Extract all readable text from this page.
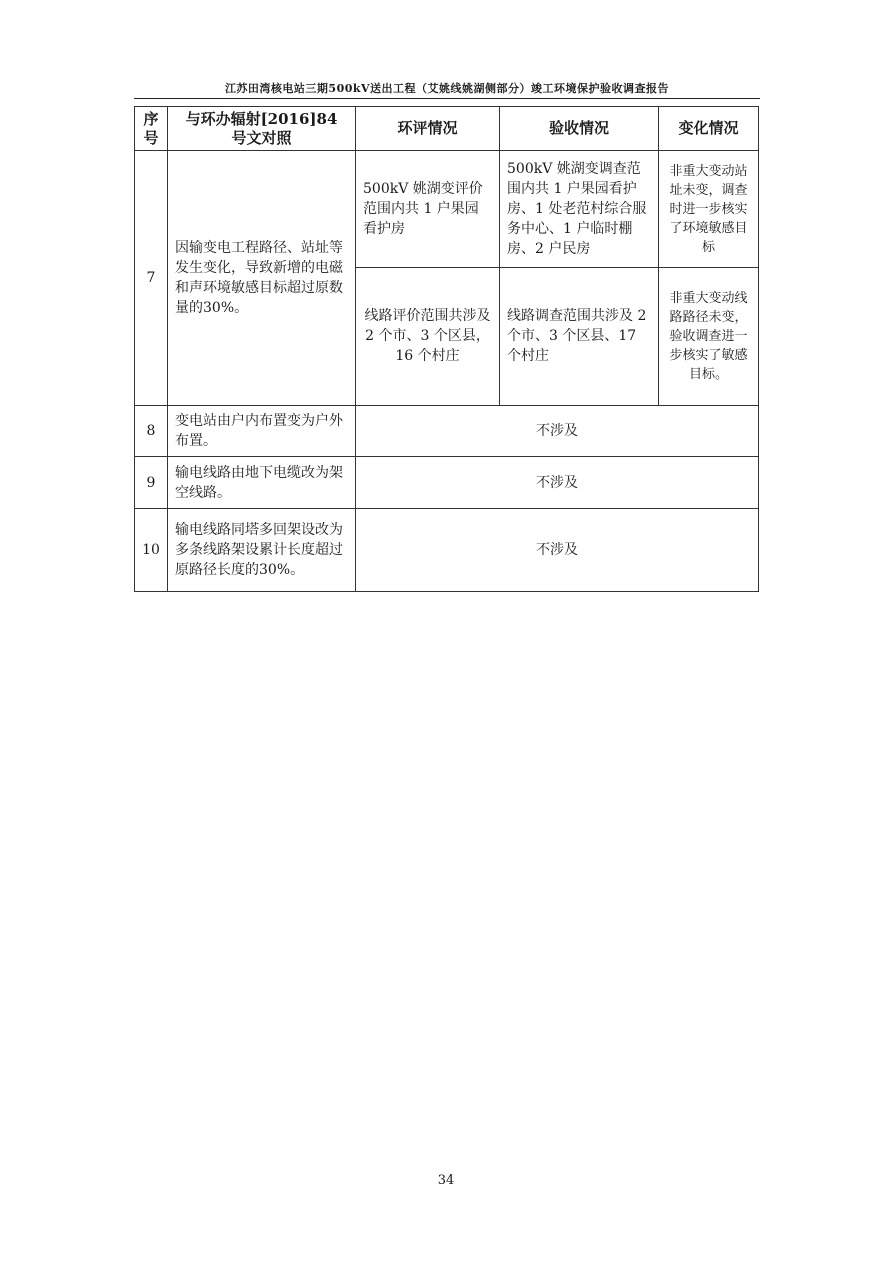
江苏田湾核电站三期500kV送出工程（艾姚线姚湖侧部分）竣工环境保护验收调查报告
序号	与环办辐射[2016]84号文对照	环评情况	验收情况	变化情况
7	因输变电工程路径、站址等发生变化，导致新增的电磁和声环境敏感目标超过原数量的30%。	500kV 姚湖变评价范围内共 1 户果园看护房	500kV 姚湖变调查范围内共 1 户果园看护房、1 处老范村综合服务中心、1 户临时棚房、2 户民房	非重大变动站址未变，调查时进一步核实了环境敏感目标
		线路评价范围共涉及 2 个市、3 个区县，16 个村庄	线路调查范围共涉及 2 个市、3 个区县、17 个村庄	非重大变动线路路径未变，验收调查进一步核实了敏感目标。
8	变电站由户内布置变为户外布置。	不涉及		
9	输电线路由地下电缆改为架空线路。	不涉及		
10	输电线路同塔多回架设改为多条线路架设累计长度超过原路径长度的30%。	不涉及		
34
